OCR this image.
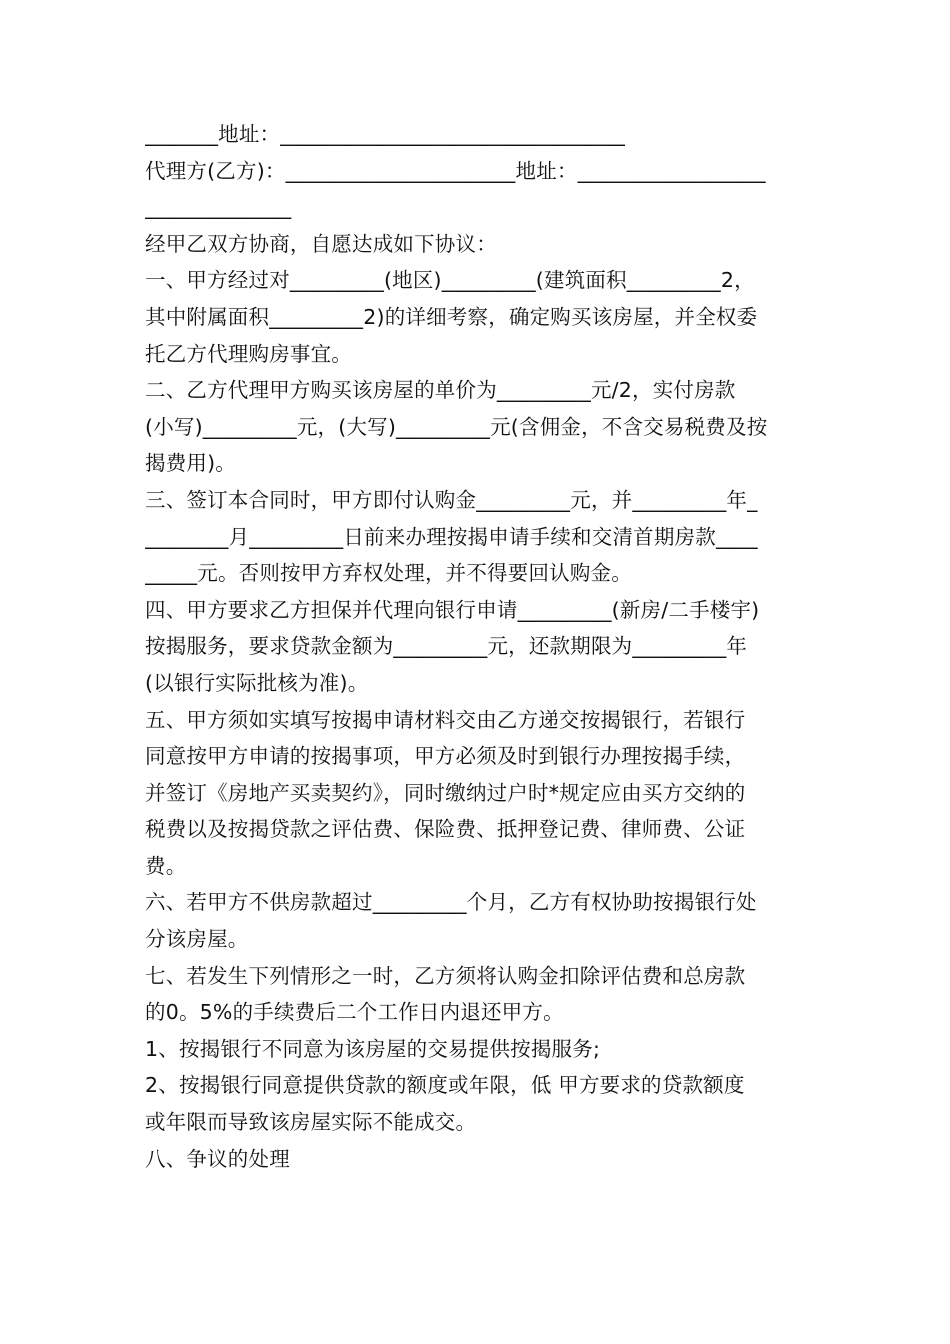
_______地址：_________________________________
代理方(乙方)：______________________地址：__________________
______________
经甲乙双方协商，自愿达成如下协议：
一、甲方经过对_________(地区)_________(建筑面积_________2，
其中附属面积_________2)的详细考察，确定购买该房屋，并全权委
托乙方代理购房事宜。
二、乙方代理甲方购买该房屋的单价为_________元/2，实付房款
(小写)_________元，(大写)_________元(含佣金，不含交易税费及按
揭费用)。
三、签订本合同时，甲方即付认购金_________元，并_________年_
________月_________日前来办理按揭申请手续和交清首期房款____
_____元。否则按甲方弃权处理，并不得要回认购金。
四、甲方要求乙方担保并代理向银行申请_________(新房/二手楼宇)
按揭服务，要求贷款金额为_________元，还款期限为_________年
(以银行实际批核为准)。
五、甲方须如实填写按揭申请材料交由乙方递交按揭银行，若银行
同意按甲方申请的按揭事项，甲方必须及时到银行办理按揭手续，
并签订《房地产买卖契约》，同时缴纳过户时*规定应由买方交纳的
税费以及按揭贷款之评估费、保险费、抵押登记费、律师费、公证
费。
六、若甲方不供房款超过_________个月，乙方有权协助按揭银行处
分该房屋。
七、若发生下列情形之一时，乙方须将认购金扣除评估费和总房款
的0。5%的手续费后二个工作日内退还甲方。
1、按揭银行不同意为该房屋的交易提供按揭服务;
2、按揭银行同意提供贷款的额度或年限，低 甲方要求的贷款额度
或年限而导致该房屋实际不能成交。
八、争议的处理
